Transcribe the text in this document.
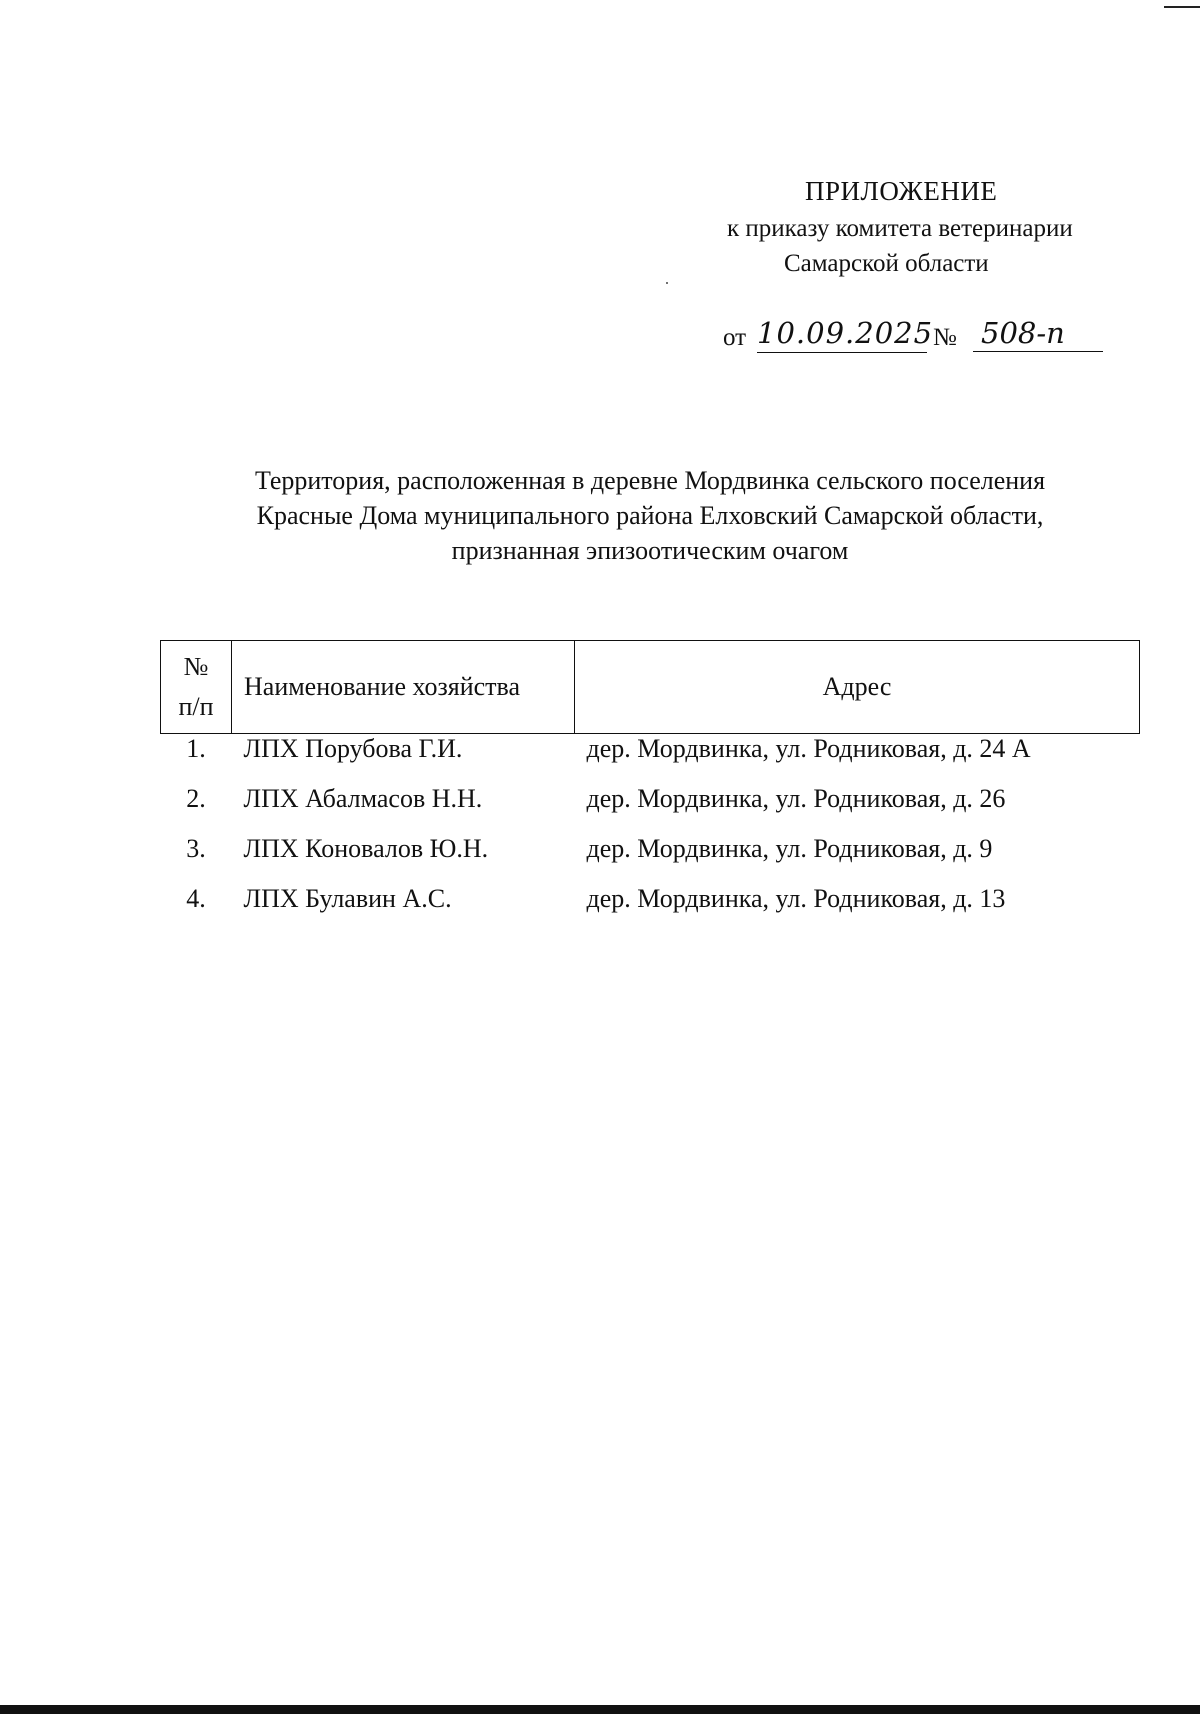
ПРИЛОЖЕНИЕ
к приказу комитета ветеринарии
Самарской области
от 10.09.2025 № 508-п
Территория, расположенная в деревне Мордвинка сельского поселения
Красные Дома муниципального района Елховский Самарской области,
признанная эпизоотическим очагом
№
п/п	Наименование хозяйства	Адрес
1.	ЛПХ Порубова Г.И.	дер. Мордвинка, ул. Родниковая, д. 24 А
2.	ЛПХ Абалмасов Н.Н.	дер. Мордвинка, ул. Родниковая, д. 26
3.	ЛПХ Коновалов Ю.Н.	дер. Мордвинка, ул. Родниковая, д. 9
4.	ЛПХ Булавин А.С.	дер. Мордвинка, ул. Родниковая, д. 13
